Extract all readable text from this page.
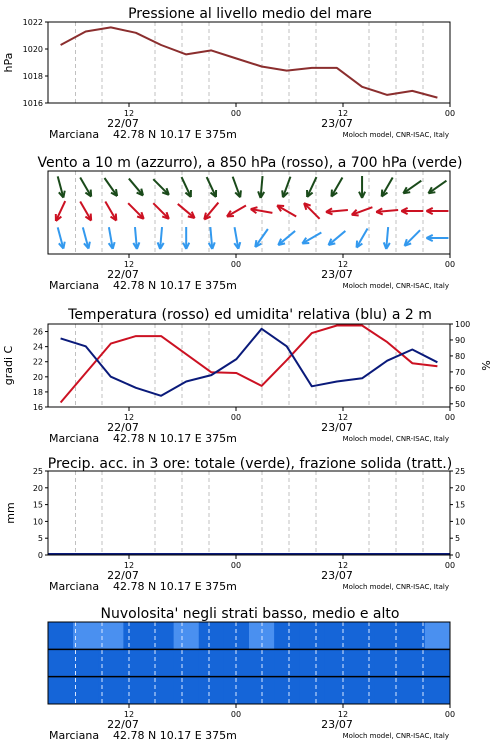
Pressione al livello medio del mare
1016
1018
1020
1022
hPa
12	00	12	00
22/07	23/07
Marciana 42.78 N 10.17 E 375m	Moloch model, CNR-ISAC, Italy
Vento a 10 m (azzurro), a 850 hPa (rosso), a 700 hPa (verde)
12	00	12	00
22/07	23/07
Marciana 42.78 N 10.17 E 375m	Moloch model, CNR-ISAC, Italy
Temperatura (rosso) ed umidita' relativa (blu) a 2 m
16
18
20
22
24
26
50
60
70
80
90
100
gradi C	%
12	00	12	00
22/07	23/07
Marciana 42.78 N 10.17 E 375m	Moloch model, CNR-ISAC, Italy
Precip. acc. in 3 ore: totale (verde), frazione solida (tratt.)
0
5
10
15
20
25
0
5
10
15
20
25
mm
12	00	12	00
22/07	23/07
Marciana 42.78 N 10.17 E 375m	Moloch model, CNR-ISAC, Italy
Nuvolosita' negli strati basso, medio e alto
12	00	12	00
22/07	23/07
Marciana 42.78 N 10.17 E 375m	Moloch model, CNR-ISAC, Italy
